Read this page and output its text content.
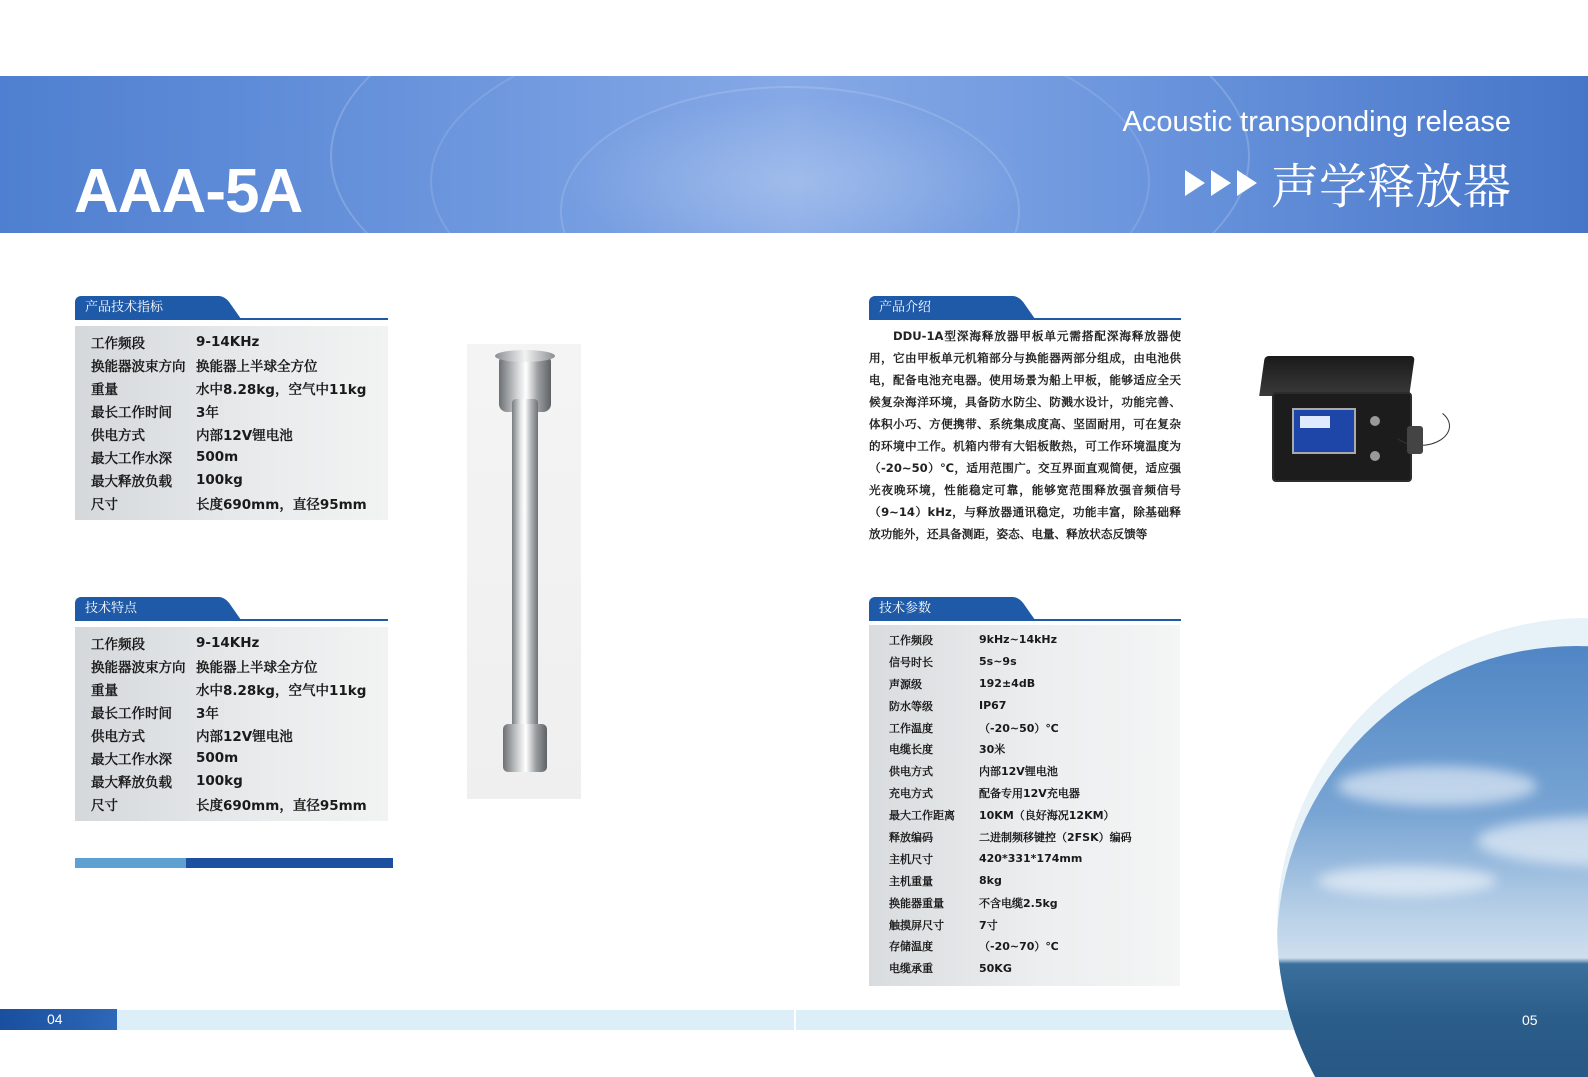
AAA-5A
Acoustic transponding release
声学释放器
产品技术指标
工作频段	9-14KHz
换能器波束方向 换能器上半球全方位
重量	水中8.28kg，空气中11kg
最长工作时间	3年
供电方式	内部12V锂电池
最大工作水深	500m
最大释放负载	100kg
尺寸	长度690mm，直径95mm
技术特点
工作频段	9-14KHz
换能器波束方向 换能器上半球全方位
重量	水中8.28kg，空气中11kg
最长工作时间	3年
供电方式	内部12V锂电池
最大工作水深	500m
最大释放负载	100kg
尺寸	长度690mm，直径95mm
产品介绍
DDU-1A型深海释放器甲板单元需搭配深海释放器使用，它由甲板单元机箱部分与换能器两部分组成，由电池供电，配备电池充电器。使用场景为船上甲板，能够适应全天候复杂海洋环境，具备防水防尘、防溅水设计，功能完善、体积小巧、方便携带、系统集成度高、坚固耐用，可在复杂的环境中工作。机箱内带有大铝板散热，可工作环境温度为（-20~50）℃，适用范围广。交互界面直观简便，适应强光夜晚环境，性能稳定可靠，能够宽范围释放强音频信号（9~14）kHz，与释放器通讯稳定，功能丰富，除基础释放功能外，还具备测距，姿态、电量、释放状态反馈等
技术参数
工作频段	9kHz~14kHz
信号时长	5s~9s
声源级	192±4dB
防水等级	IP67
工作温度	（-20~50）℃
电缆长度	30米
供电方式	内部12V锂电池
充电方式	配备专用12V充电器
最大工作距离	10KM（良好海况12KM）
释放编码	二进制频移键控（2FSK）编码
主机尺寸	420*331*174mm
主机重量	8kg
换能器重量	不含电缆2.5kg
触摸屏尺寸	7寸
存储温度	（-20~70）℃
电缆承重	50KG
04	05
